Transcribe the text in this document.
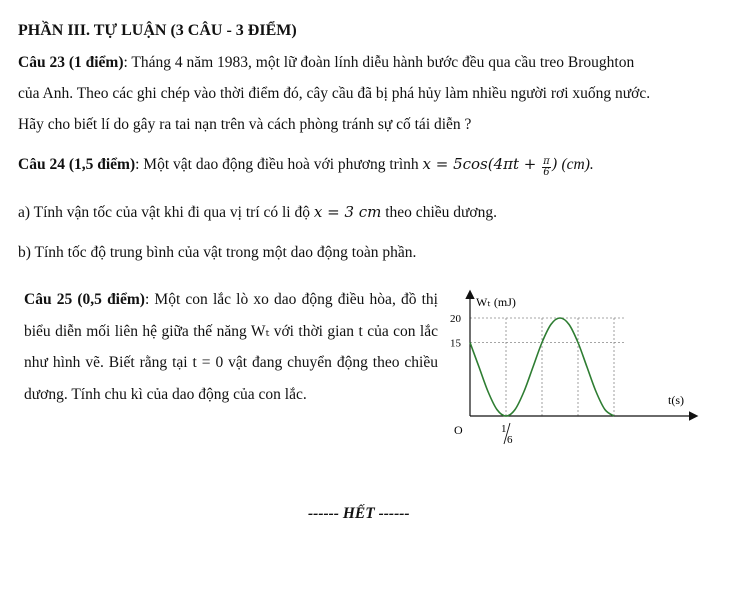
PHẦN III. TỰ LUẬN (3 CÂU - 3 ĐIỂM)
Câu 23 (1 điểm): Tháng 4 năm 1983, một lữ đoàn lính diễu hành bước đều qua cầu treo Broughton
của Anh. Theo các ghi chép vào thời điểm đó, cây cầu đã bị phá hủy làm nhiều người rơi xuống nước.
Hãy cho biết lí do gây ra tai nạn trên và cách phòng tránh sự cố tái diễn ?
Câu 24 (1,5 điểm): Một vật dao động điều hoà với phương trình $x = 5\cos(4\pi t + \frac{\pi}{6}$ ) (cm).
a) Tính vận tốc của vật khi đi qua vị trí có li độ x = 3 cm theo chiều dương.
b) Tính tốc độ trung bình của vật trong một dao động toàn phần.
Câu 25 (0,5 điểm): Một con lắc lò xo dao động điều hòa, đồ thị biểu diễn mối liên hệ giữa thế năng Wₜ với thời gian t của con lắc như hình vẽ. Biết rằng tại t = 0 vật đang chuyển động theo chiều dương. Tính chu kì của dao động của con lắc.
Wₜ (mJ)
20
15
t(s)
O	1
6
------ HẾT ------
